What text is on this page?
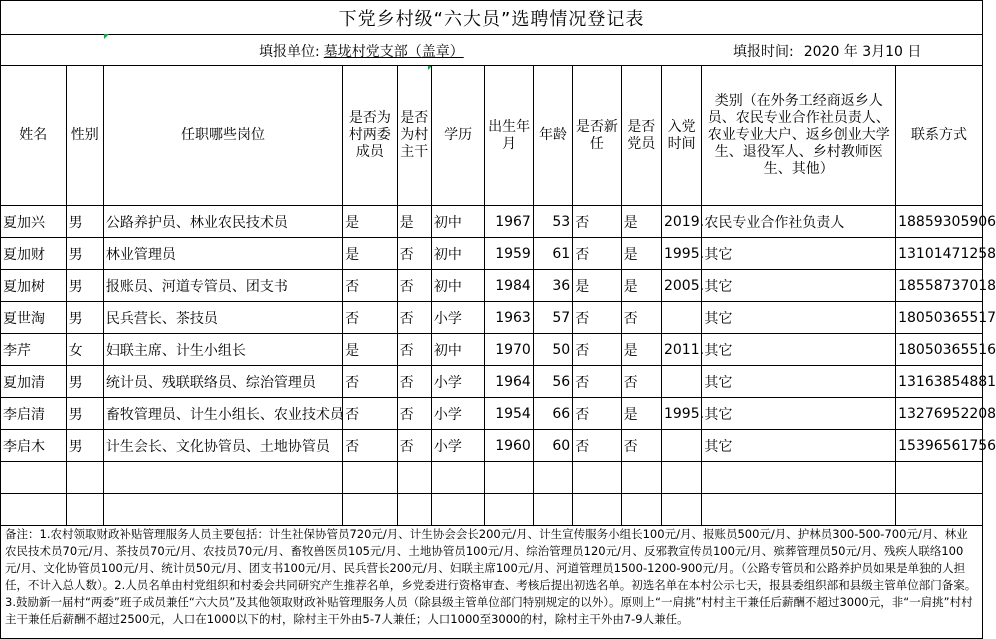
下党乡村级“六大员”选聘情况登记表
填报单位: 墓垅村党支部（盖章）	填报时间: 2020 年 3月10 日
姓名	性别	任职哪些岗位	是否为村两委成员	是否为村主干	学历	出生年月	年龄	是否新任	是否党员	入党时间	类别（在外务工经商返乡人员、农民专业合作社员责人、农业专业大户、返乡创业大学生、退役军人、乡村教师医生、其他）	联系方式
夏加兴	男	公路养护员、林业农民技术员	是	是	初中	1967	53	否	是	2019.	农民专业合作社负责人	18859305906
夏加财	男	林业管理员	是	否	初中	1959	61	否	是	1995.	其它	13101471258
夏加树	男	报账员、河道专管员、团支书	否	否	初中	1984	36	是	是	2005.	其它	18558737018
夏世淘	男	民兵营长、茶技员	否	否	小学	1963	57	否	否		其它	18050365517
李芹	女	妇联主席、计生小组长	是	否	初中	1970	50	否	是	2011.	其它	18050365516
夏加清	男	统计员、残联联络员、综治管理员	否	否	小学	1964	56	否	否		其它	13163854881
李启清	男	畜牧管理员、计生小组长、农业技术员	否	否	小学	1954	66	否	是	1995.	其它	13276952208
李启木	男	计生会长、文化协管员、土地协管员	否	否	小学	1960	60	否	否		其它	15396561756

备注：1.农村领取财政补贴管理服务人员主要包括：计生社保协管员720元/月、计生协会会长200元/月、计生宣传服务小组长100元/月、报账员500元/月、护林员300-500-700元/月、林业农民技术员70元/月、茶技员70元/月、农技员70元/月、畜牧兽医员105元/月、土地协管员100元/月、综治管理员120元/月、反邪教宣传员100元/月、殡葬管理员50元/月、残疾人联络100元/月、文化协管员100元/月、统计员50元/月、团支书100元/月、民兵营长200元/月、妇联主席100元/月、河道管理员1500-1200-900元/月。（公路专管员和公路养护员如果是单独的人担任，不计入总人数）。2.人员名单由村党组织和村委会共同研究产生推荐名单，乡党委进行资格审查、考核后提出初选名单。初选名单在本村公示七天，报县委组织部和县级主管单位部门备案。3.鼓励新一届村“两委”班子成员兼任“六大员”及其他领取财政补贴管理服务人员（除县级主管单位部门特别规定的以外）。原则上“一肩挑”村村主干兼任后薪酬不超过3000元，非“一肩挑”村村主干兼任后薪酬不超过2500元，人口在1000以下的村，除村主干外由5-7人兼任；人口1000至3000的村，除村主干外由7-9人兼任。
